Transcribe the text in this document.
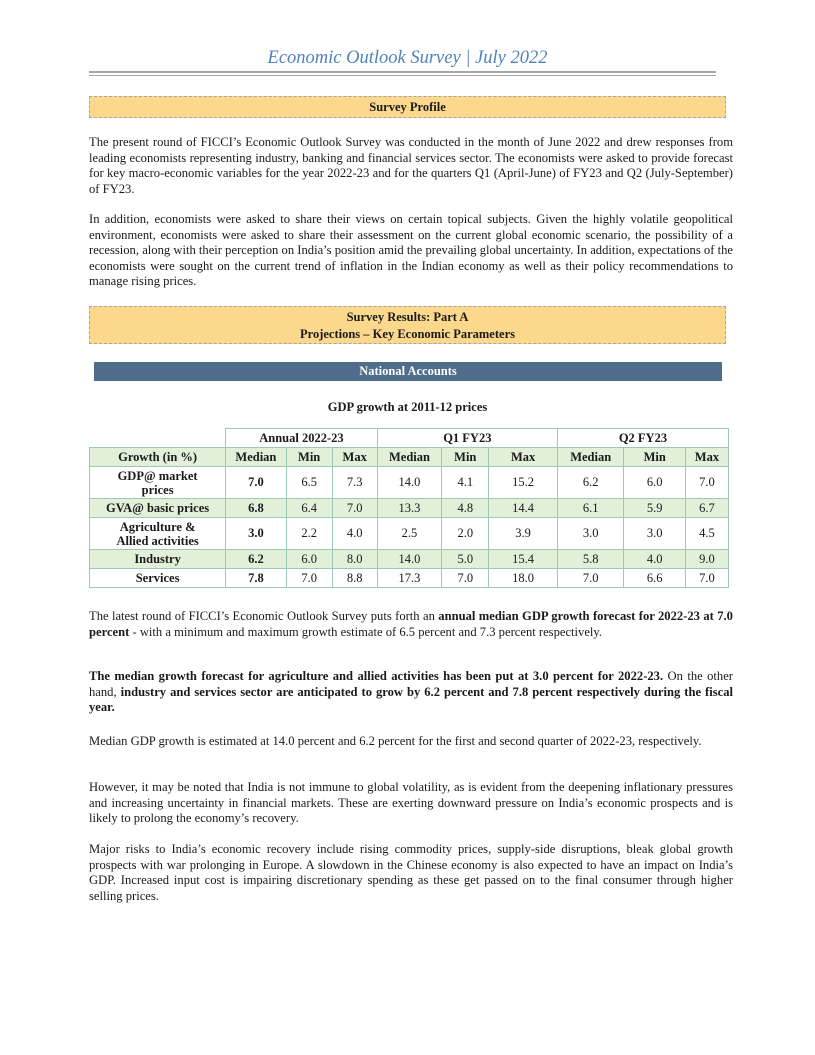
Economic Outlook Survey | July 2022
Survey Profile

The present round of FICCI’s Economic Outlook Survey was conducted in the month of June 2022 and drew responses from leading economists representing industry, banking and financial services sector. The economists were asked to provide forecast for key macro-economic variables for the year 2022-23 and for the quarters Q1 (April-June) of FY23 and Q2 (July-September) of FY23.

In addition, economists were asked to share their views on certain topical subjects. Given the highly volatile geopolitical environment, economists were asked to share their assessment on the current global economic scenario, the possibility of a recession, along with their perception on India’s position amid the prevailing global uncertainty. In addition, expectations of the economists were sought on the current trend of inflation in the Indian economy as well as their policy recommendations to manage rising prices.

Survey Results: Part A
Projections – Key Economic Parameters
National Accounts
GDP growth at 2011-12 prices
	Annual 2022-23			Q1 FY23			Q2 FY23		
Growth (in %)	Median	Min	Max	Median	Min	Max	Median	Min	Max

GDP@ market
prices	7.0	6.5	7.3	14.0	4.1	15.2	6.2	6.0	7.0
GVA@ basic prices	6.8	6.4	7.0	13.3	4.8	14.4	6.1	5.9	6.7

Agriculture &
Allied activities	3.0	2.2	4.0	2.5	2.0	3.9	3.0	3.0	4.5
Industry	6.2	6.0	8.0	14.0	5.0	15.4	5.8	4.0	9.0
Services	7.8	7.0	8.8	17.3	7.0	18.0	7.0	6.6	7.0

The latest round of FICCI’s Economic Outlook Survey puts forth an annual median GDP growth forecast for 2022-23 at 7.0 percent - with a minimum and maximum growth estimate of 6.5 percent and 7.3 percent respectively.

The median growth forecast for agriculture and allied activities has been put at 3.0 percent for 2022-23. On the other hand, industry and services sector are anticipated to grow by 6.2 percent and 7.8 percent respectively during the fiscal year.

Median GDP growth is estimated at 14.0 percent and 6.2 percent for the first and second quarter of 2022-23, respectively.

However, it may be noted that India is not immune to global volatility, as is evident from the deepening inflationary pressures and increasing uncertainty in financial markets. These are exerting downward pressure on India’s economic prospects and is likely to prolong the economy’s recovery.

Major risks to India’s economic recovery include rising commodity prices, supply-side disruptions, bleak global growth prospects with war prolonging in Europe. A slowdown in the Chinese economy is also expected to have an impact on India’s GDP. Increased input cost is impairing discretionary spending as these get passed on to the final consumer through higher selling prices.
